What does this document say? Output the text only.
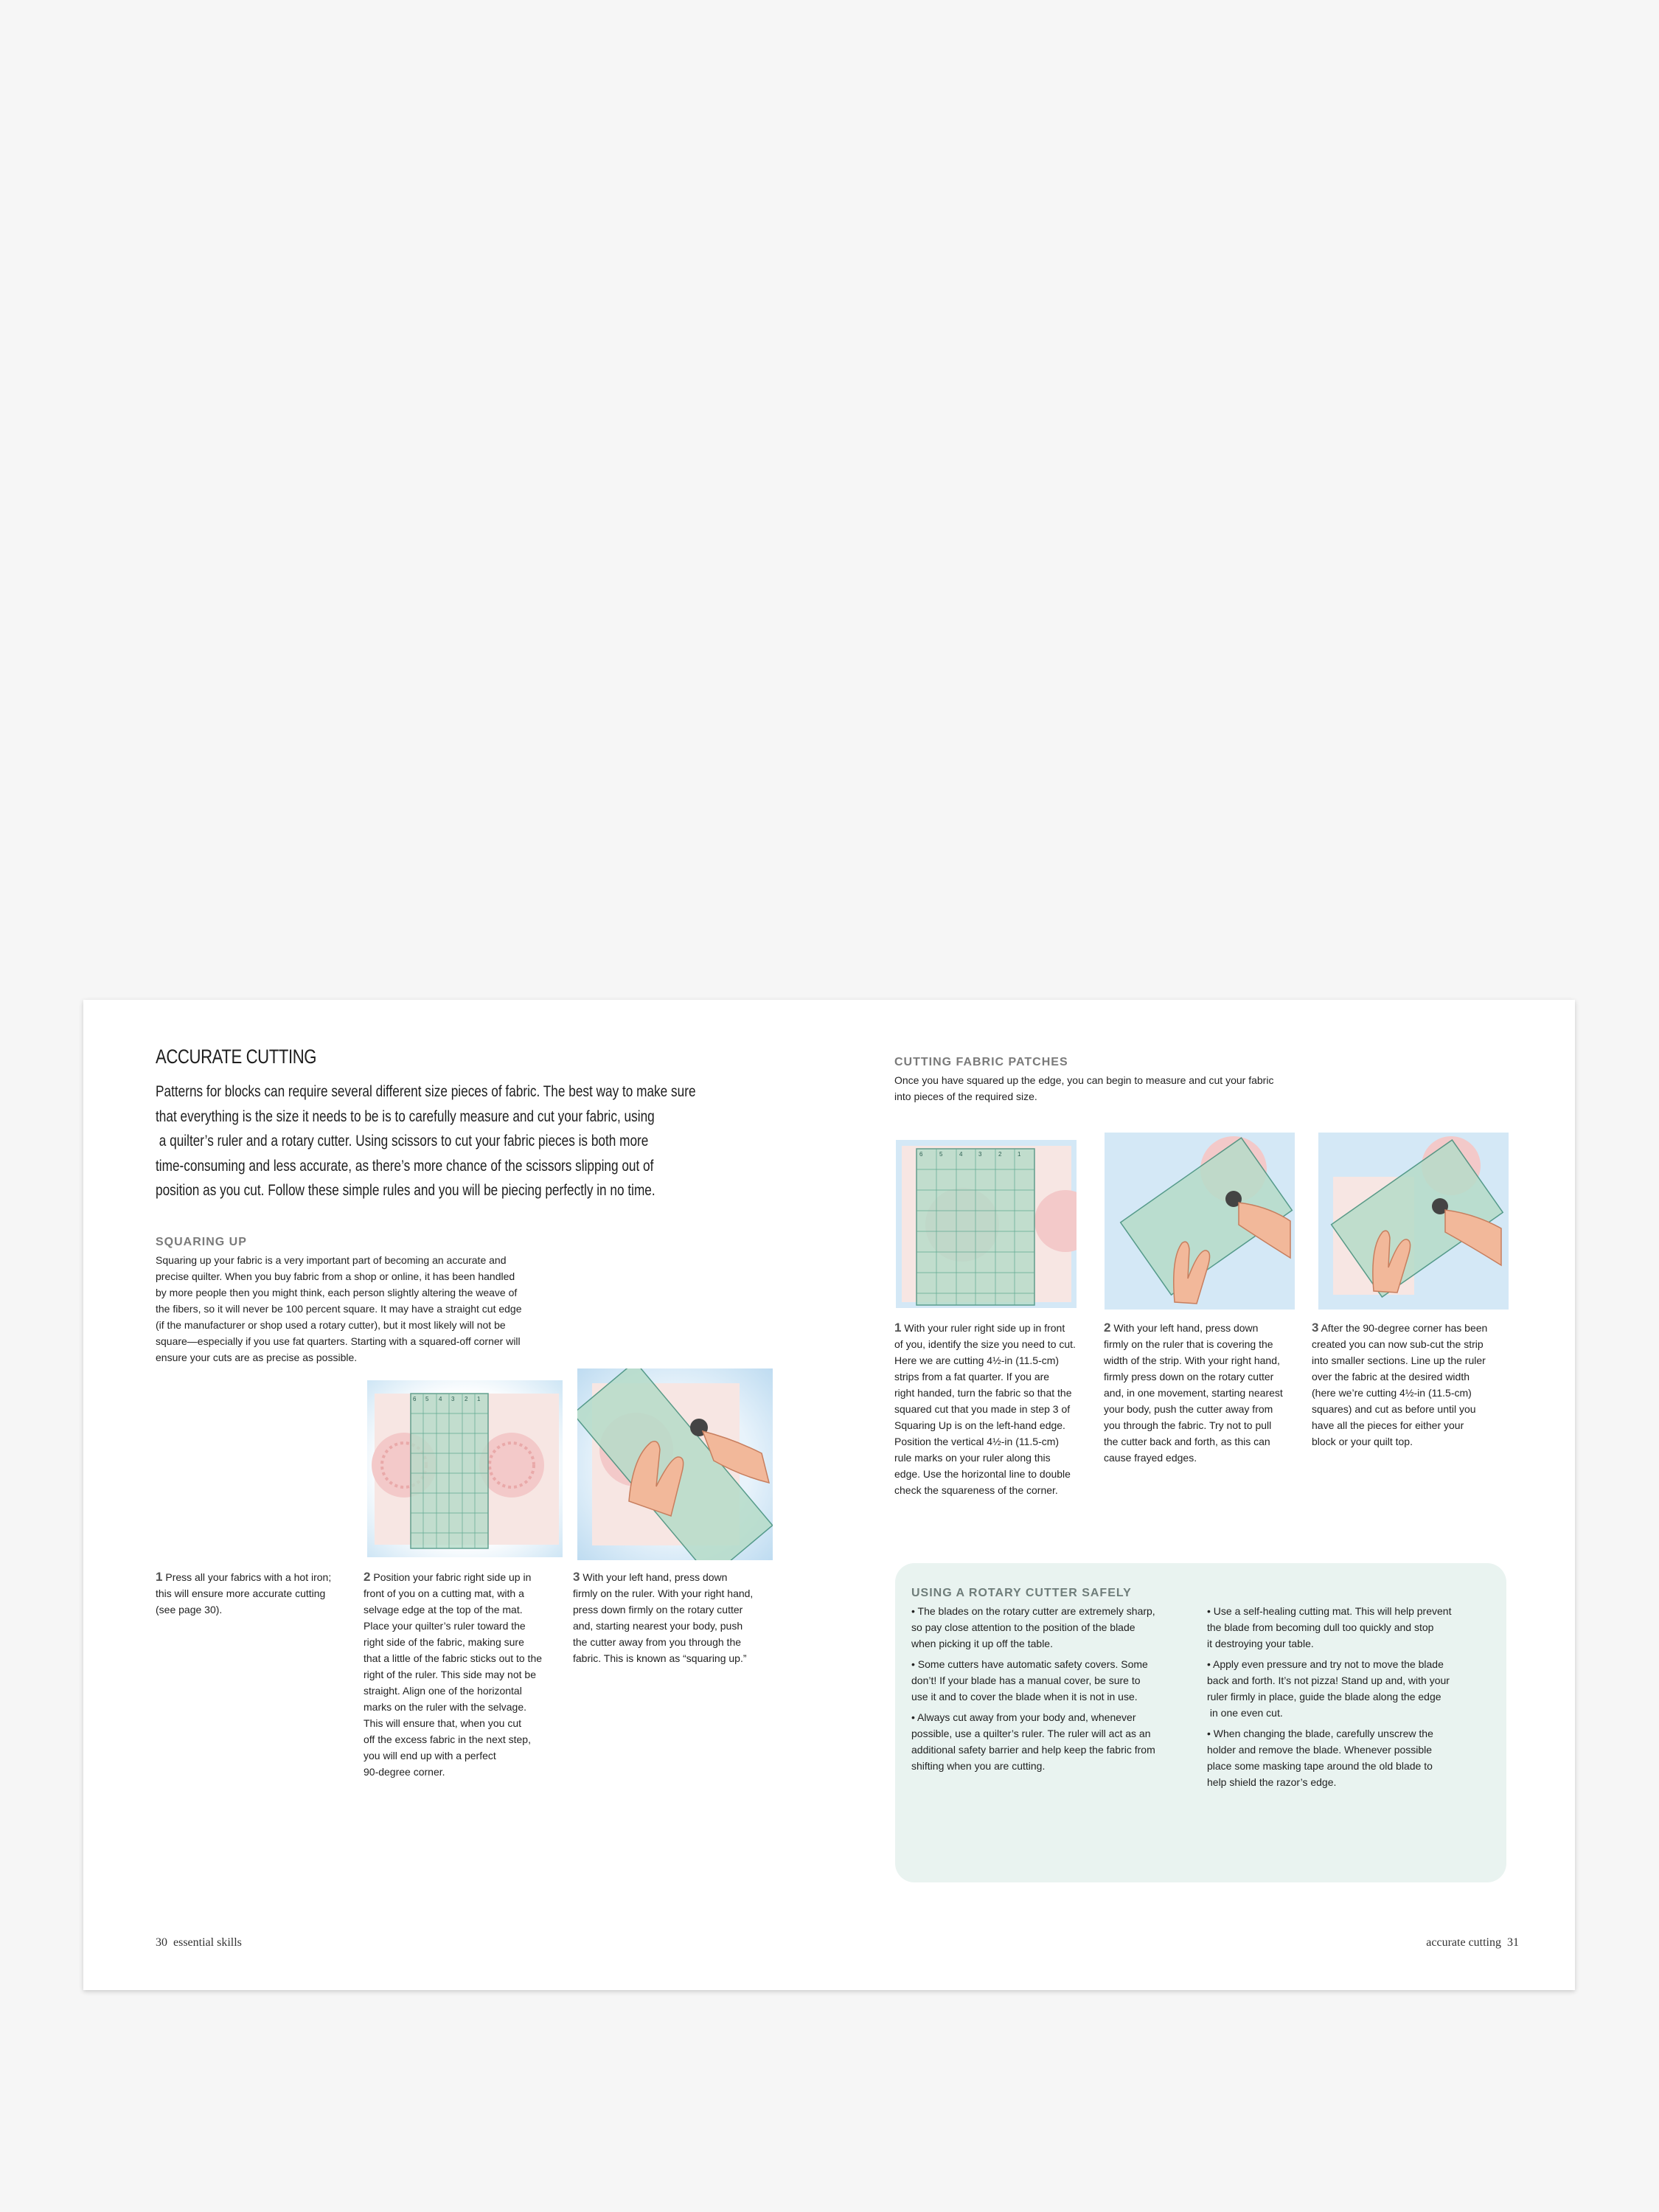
ACCURATE CUTTING

Patterns for blocks can require several different size pieces of fabric. The best way to make sure

that everything is the size it needs to be is to carefully measure and cut your fabric, using

a quilter’s ruler and a rotary cutter. Using scissors to cut your fabric pieces is both more

time-consuming and less accurate, as there’s more chance of the scissors slipping out of

position as you cut. Follow these simple rules and you will be piecing perfectly in no time.

SQUARING UP

Squaring up your fabric is a very important part of becoming an accurate and

precise quilter. When you buy fabric from a shop or online, it has been handled

by more people then you might think, each person slightly altering the weave of

the fibers, so it will never be 100 percent square. It may have a straight cut edge

(if the manufacturer or shop used a rotary cutter), but it most likely will not be

square—especially if you use fat quarters. Starting with a squared-off corner will

ensure your cuts are as precise as possible.

6 5 4 3 2 1

1 Press all your fabrics with a hot iron;

this will ensure more accurate cutting

(see page 30).

2 Position your fabric right side up in

front of you on a cutting mat, with a

selvage edge at the top of the mat.

Place your quilter’s ruler toward the

right side of the fabric, making sure

that a little of the fabric sticks out to the

right of the ruler. This side may not be

straight. Align one of the horizontal

marks on the ruler with the selvage.

This will ensure that, when you cut

off the excess fabric in the next step,

you will end up with a perfect

90-degree corner.

3 With your left hand, press down

firmly on the ruler. With your right hand,

press down firmly on the rotary cutter

and, starting nearest your body, push

the cutter away from you through the

fabric. This is known as “squaring up.”

30 essential skills
CUTTING FABRIC PATCHES

Once you have squared up the edge, you can begin to measure and cut your fabric

into pieces of the required size.

6	5	4	3	2	1

1 With your ruler right side up in front

of you, identify the size you need to cut.

Here we are cutting 4½-in (11.5-cm)

strips from a fat quarter. If you are

right handed, turn the fabric so that the

squared cut that you made in step 3 of

Squaring Up is on the left-hand edge.

Position the vertical 4½-in (11.5-cm)

rule marks on your ruler along this

edge. Use the horizontal line to double

check the squareness of the corner.

2 With your left hand, press down

firmly on the ruler that is covering the

width of the strip. With your right hand,

firmly press down on the rotary cutter

and, in one movement, starting nearest

your body, push the cutter away from

you through the fabric. Try not to pull

the cutter back and forth, as this can

cause frayed edges.

3 After the 90-degree corner has been

created you can now sub-cut the strip

into smaller sections. Line up the ruler

over the fabric at the desired width

(here we’re cutting 4½-in (11.5-cm)

squares) and cut as before until you

have all the pieces for either your

block or your quilt top.

USING A ROTARY CUTTER SAFELY

• The blades on the rotary cutter are extremely sharp,
so pay close attention to the position of the blade
when picking it up off the table.

• Some cutters have automatic safety covers. Some
don’t! If your blade has a manual cover, be sure to
use it and to cover the blade when it is not in use.

• Always cut away from your body and, whenever
possible, use a quilter’s ruler. The ruler will act as an
additional safety barrier and help keep the fabric from
shifting when you are cutting.

• Use a self-healing cutting mat. This will help prevent
the blade from becoming dull too quickly and stop
it destroying your table.

• Apply even pressure and try not to move the blade
back and forth. It’s not pizza! Stand up and, with your
ruler firmly in place, guide the blade along the edge
in one even cut.

• When changing the blade, carefully unscrew the
holder and remove the blade. Whenever possible
place some masking tape around the old blade to
help shield the razor’s edge.

accurate cutting 31
